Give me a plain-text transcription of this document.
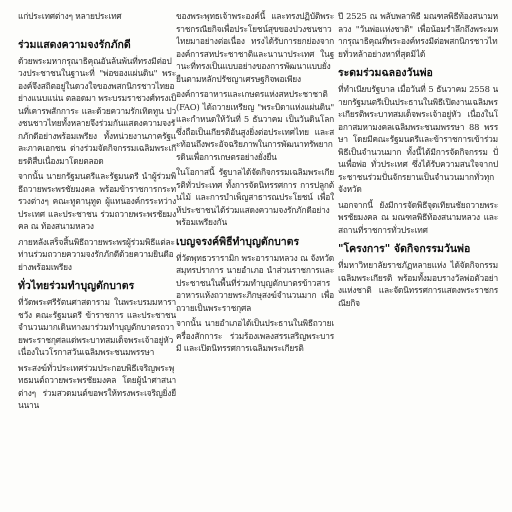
แก่ประเทศต่างๆ หลายประเทศ

ร่วมแสดงความจงรักภักดี

ด้วยพระมหากรุณาธิคุณอันล้นพ้นที่ทรงมีต่อปวงประชาชนในฐานะที่ "พ่อของแผ่นดิน" พระองค์จึงสถิตอยู่ในดวงใจของพสกนิกรชาวไทยอย่างแนบแน่น ตลอดมา พระบรมราชวงศ์ทรงเป็นที่เคารพสักการะ และด้วยความรักเทิดทูน ปวงชนชาวไทยทั้งหลายจึงร่วมกันแสดงความจงรักภักดีอย่างพร้อมเพรียง ทั้งหน่วยงานภาครัฐและภาคเอกชน ต่างร่วมจัดกิจกรรมเฉลิมพระเกียรติสืบเนื่องมาโดยตลอด

จากนั้น นายกรัฐมนตรีและรัฐมนตรี นำผู้ร่วมพิธีถวายพระพรชัยมงคล พร้อมข้าราชการกระทรวงต่างๆ คณะทูตานุทูต ผู้แทนองค์กรระหว่างประเทศ และประชาชน ร่วมถวายพระพรชัยมงคล ณ ท้องสนามหลวง

ภายหลังเสร็จสิ้นพิธีถวายพระพรผู้ร่วมพิธีแต่ละท่านร่วมถวายความจงรักภักดีด้วยความยินดีอย่างพร้อมเพรียง

ทั่วไทยร่วมทำบุญตักบาตร

ที่วัดพระศรีรัตนศาสดาราม ในพระบรมมหาราชวัง คณะรัฐมนตรี ข้าราชการ และประชาชนจำนวนมากเดินทางมาร่วมทำบุญตักบาตรถวายพระราชกุศลแด่พระบาทสมเด็จพระเจ้าอยู่หัว เนื่องในวโรกาสวันเฉลิมพระชนมพรรษา

พระสงฆ์ทั่วประเทศร่วมประกอบพิธีเจริญพระพุทธมนต์ถวายพระพรชัยมงคล โดยผู้นำศาสนาต่างๆ ร่วมสวดมนต์ขอพรให้ทรงพระเจริญยิ่งยืนนาน

ของพระพุทธเจ้าพระองค์นี้ และทรงปฏิบัติพระราชกรณียกิจเพื่อประโยชน์สุขของปวงชนชาวไทยมาอย่างต่อเนื่อง ทรงได้รับการยกย่องจากองค์การสหประชาชาติและนานาประเทศ ในฐานะที่ทรงเป็นแบบอย่างของการพัฒนาแบบยั่งยืนตามหลักปรัชญาเศรษฐกิจพอเพียง

องค์การอาหารและเกษตรแห่งสหประชาชาติ (FAO) ได้ถวายเหรียญ "พระบิดาแห่งแผ่นดิน" และกำหนดให้วันที่ 5 ธันวาคม เป็นวันดินโลก ซึ่งถือเป็นเกียรติอันสูงยิ่งต่อประเทศไทย และสะท้อนถึงพระอัจฉริยภาพในการพัฒนาทรัพยากรดินเพื่อการเกษตรอย่างยั่งยืน

ในโอกาสนี้ รัฐบาลได้จัดกิจกรรมเฉลิมพระเกียรติทั่วประเทศ ทั้งการจัดนิทรรศการ การปลูกต้นไม้ และการบำเพ็ญสาธารณประโยชน์ เพื่อให้ประชาชนได้ร่วมแสดงความจงรักภักดีอย่างพร้อมเพรียงกัน

เบญจรงค์พิธีทำบุญตักบาตร

ที่วัดพุทธวรารามิก พระอารามหลวง ณ จังหวัดสมุทรปราการ นายอำเภอ นำส่วนราชการและประชาชนในพื้นที่ร่วมทำบุญตักบาตรข้าวสารอาหารแห้งถวายพระภิกษุสงฆ์จำนวนมาก เพื่อถวายเป็นพระราชกุศล

จากนั้น นายอำเภอได้เป็นประธานในพิธีถวายเครื่องสักการะ ร่วมร้องเพลงสรรเสริญพระบารมี และเปิดนิทรรศการเฉลิมพระเกียรติ

ปี 2525 ณ พลับพลาพิธี มณฑลพิธีท้องสนามหลวง "วันพ่อแห่งชาติ" เพื่อน้อมรำลึกถึงพระมหากรุณาธิคุณที่พระองค์ทรงมีต่อพสกนิกรชาวไทยทั่วหล้าอย่างหาที่สุดมิได้

ระดมร่วมฉลองวันพ่อ

ที่ทำเนียบรัฐบาล เมื่อวันที่ 5 ธันวาคม 2558 นายกรัฐมนตรีเป็นประธานในพิธีเปิดงานเฉลิมพระเกียรติพระบาทสมเด็จพระเจ้าอยู่หัว เนื่องในโอกาสมหามงคลเฉลิมพระชนมพรรษา 88 พรรษา โดยมีคณะรัฐมนตรีและข้าราชการเข้าร่วมพิธีเป็นจำนวนมาก ทั้งนี้ได้มีการจัดกิจกรรม ปั่นเพื่อพ่อ ทั่วประเทศ ซึ่งได้รับความสนใจจากประชาชนร่วมปั่นจักรยานเป็นจำนวนมากทั่วทุกจังหวัด

นอกจากนี้ ยังมีการจัดพิธีจุดเทียนชัยถวายพระพรชัยมงคล ณ มณฑลพิธีท้องสนามหลวง และสถานที่ราชการทั่วประเทศ

"โครงการ" จัดกิจกรรมวันพ่อ

ที่มหาวิทยาลัยราชภัฏหลายแห่ง ได้จัดกิจกรรมเฉลิมพระเกียรติ พร้อมทั้งมอบรางวัลพ่อตัวอย่างแห่งชาติ และจัดนิทรรศการแสดงพระราชกรณียกิจ
